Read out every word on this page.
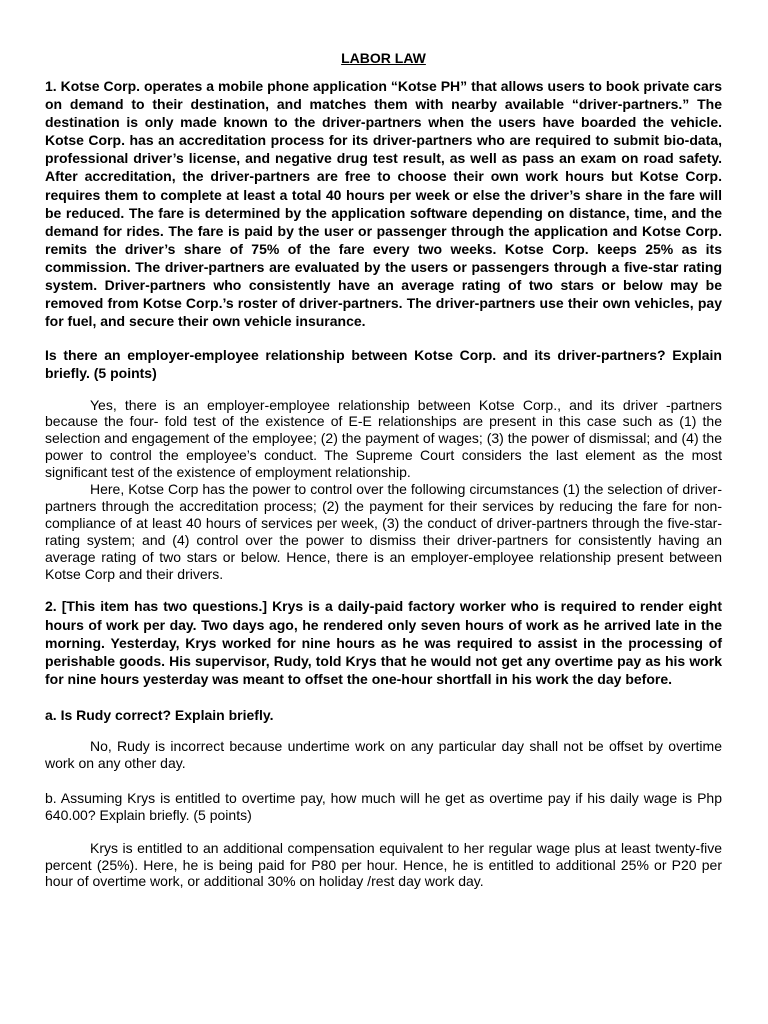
LABOR LAW

1. Kotse Corp. operates a mobile phone application “Kotse PH” that allows users to book private cars on demand to their destination, and matches them with nearby available “driver-partners.” The destination is only made known to the driver-partners when the users have boarded the vehicle. Kotse Corp. has an accreditation process for its driver-partners who are required to submit bio-data, professional driver’s license, and negative drug test result, as well as pass an exam on road safety. After accreditation, the driver-partners are free to choose their own work hours but Kotse Corp. requires them to complete at least a total 40 hours per week or else the driver’s share in the fare will be reduced. The fare is determined by the application software depending on distance, time, and the demand for rides. The fare is paid by the user or passenger through the application and Kotse Corp. remits the driver’s share of 75% of the fare every two weeks. Kotse Corp. keeps 25% as its commission. The driver-partners are evaluated by the users or passengers through a five-star rating system. Driver-partners who consistently have an average rating of two stars or below may be removed from Kotse Corp.’s roster of driver-partners. The driver-partners use their own vehicles, pay for fuel, and secure their own vehicle insurance.

Is there an employer-employee relationship between Kotse Corp. and its driver-partners? Explain briefly. (5 points)

Yes, there is an employer-employee relationship between Kotse Corp., and its driver -partners because the four- fold test of the existence of E-E relationships are present in this case such as (1) the selection and engagement of the employee; (2) the payment of wages; (3) the power of dismissal; and (4) the power to control the employee’s conduct. The Supreme Court considers the last element as the most significant test of the existence of employment relationship.

Here, Kotse Corp has the power to control over the following circumstances (1) the selection of driver-partners through the accreditation process; (2) the payment for their services by reducing the fare for non-compliance of at least 40 hours of services per week, (3) the conduct of driver-partners through the five-star-rating system; and (4) control over the power to dismiss their driver-partners for consistently having an average rating of two stars or below. Hence, there is an employer-employee relationship present between Kotse Corp and their drivers.

2. [This item has two questions.] Krys is a daily-paid factory worker who is required to render eight hours of work per day. Two days ago, he rendered only seven hours of work as he arrived late in the morning. Yesterday, Krys worked for nine hours as he was required to assist in the processing of perishable goods. His supervisor, Rudy, told Krys that he would not get any overtime pay as his work for nine hours yesterday was meant to offset the one-hour shortfall in his work the day before.

a. Is Rudy correct? Explain briefly.

No, Rudy is incorrect because undertime work on any particular day shall not be offset by overtime work on any other day.

b. Assuming Krys is entitled to overtime pay, how much will he get as overtime pay if his daily wage is Php 640.00? Explain briefly. (5 points)

Krys is entitled to an additional compensation equivalent to her regular wage plus at least twenty-five percent (25%). Here, he is being paid for P80 per hour. Hence, he is entitled to additional 25% or P20 per hour of overtime work, or additional 30% on holiday /rest day work day.
